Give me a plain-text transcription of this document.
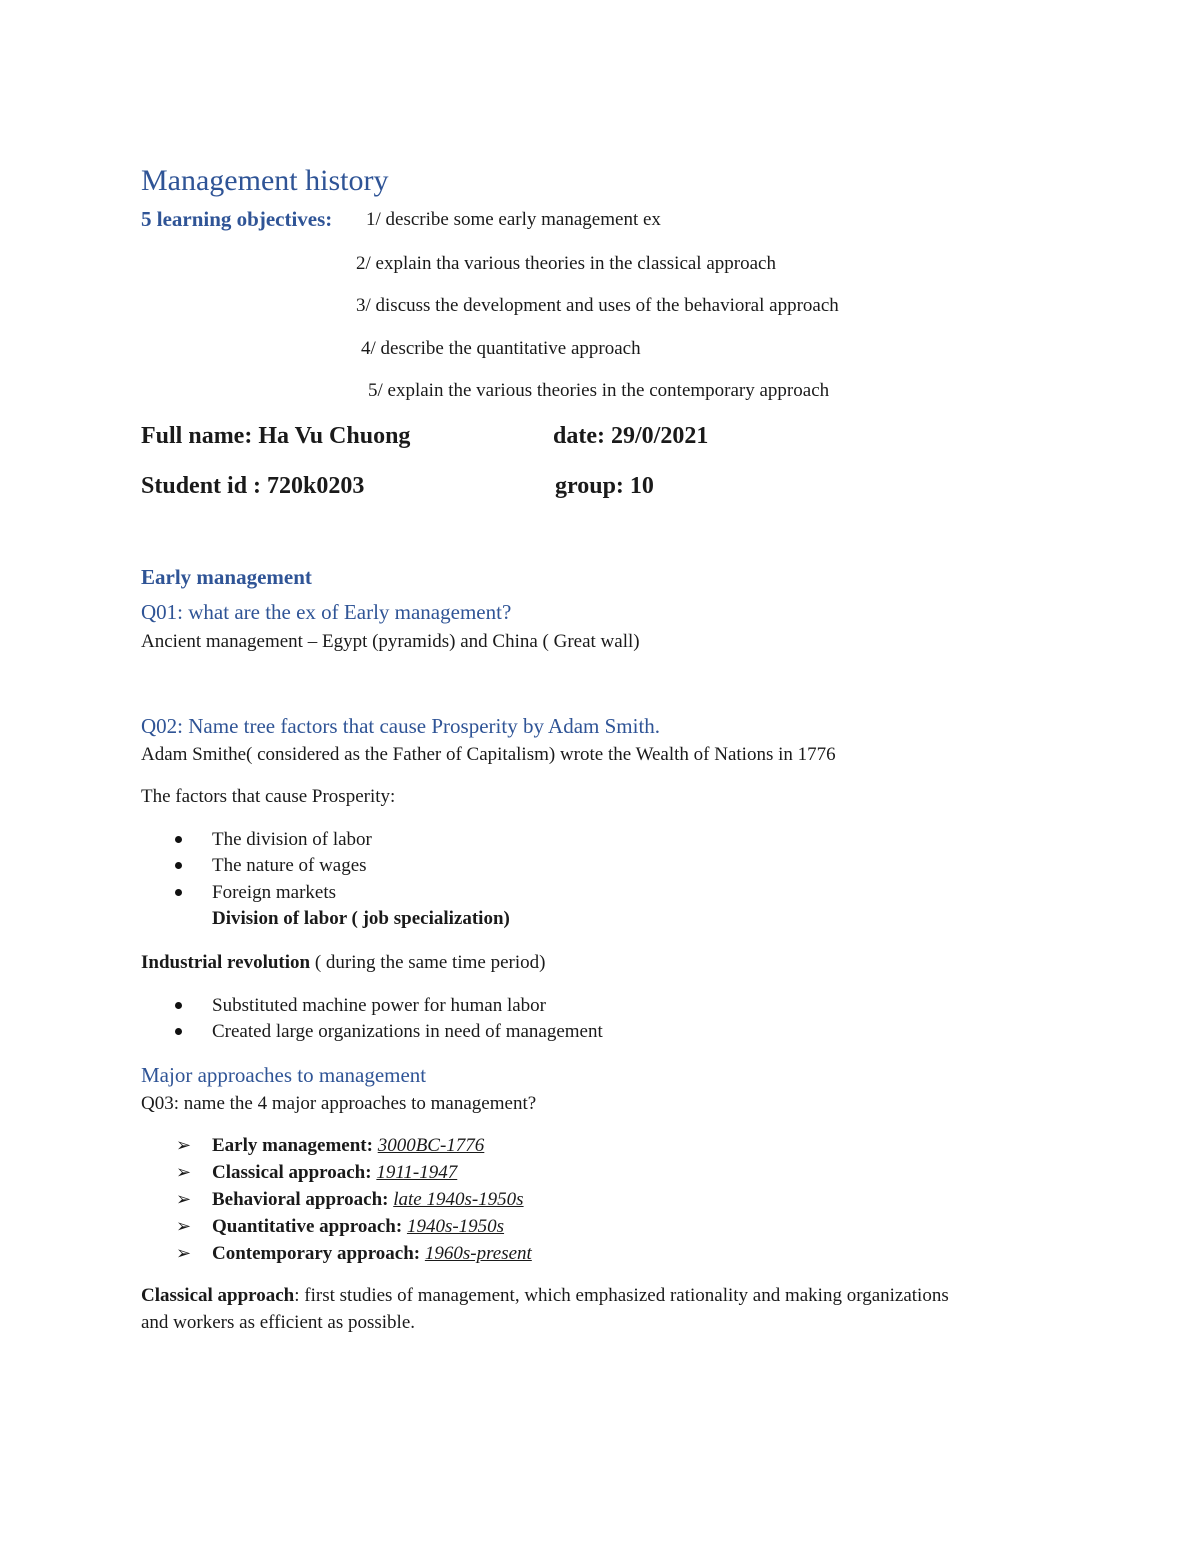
Management history
5 learning objectives: 1/ describe some early management ex
2/ explain tha various theories in the classical approach
3/ discuss the development and uses of the behavioral approach
4/ describe the quantitative approach
5/ explain the various theories in the contemporary approach
Full name: Ha Vu Chuong	date: 29/0/2021
Student id : 720k0203	group: 10
Early management
Q01: what are the ex of Early management?
Ancient management – Egypt (pyramids) and China ( Great wall)
Q02: Name tree factors that cause Prosperity by Adam Smith.
Adam Smithe( considered as the Father of Capitalism) wrote the Wealth of Nations in 1776
The factors that cause Prosperity:
The division of labor
The nature of wages
Foreign markets
Division of labor ( job specialization)
Industrial revolution ( during the same time period)
Substituted machine power for human labor
Created large organizations in need of management
Major approaches to management
Q03: name the 4 major approaches to management?
➢ Early management: 3000BC-1776
➢ Classical approach: 1911-1947
➢ Behavioral approach: late 1940s-1950s
➢ Quantitative approach: 1940s-1950s
➢ Contemporary approach: 1960s-present
Classical approach: first studies of management, which emphasized rationality and making organizations
and workers as efficient as possible.
